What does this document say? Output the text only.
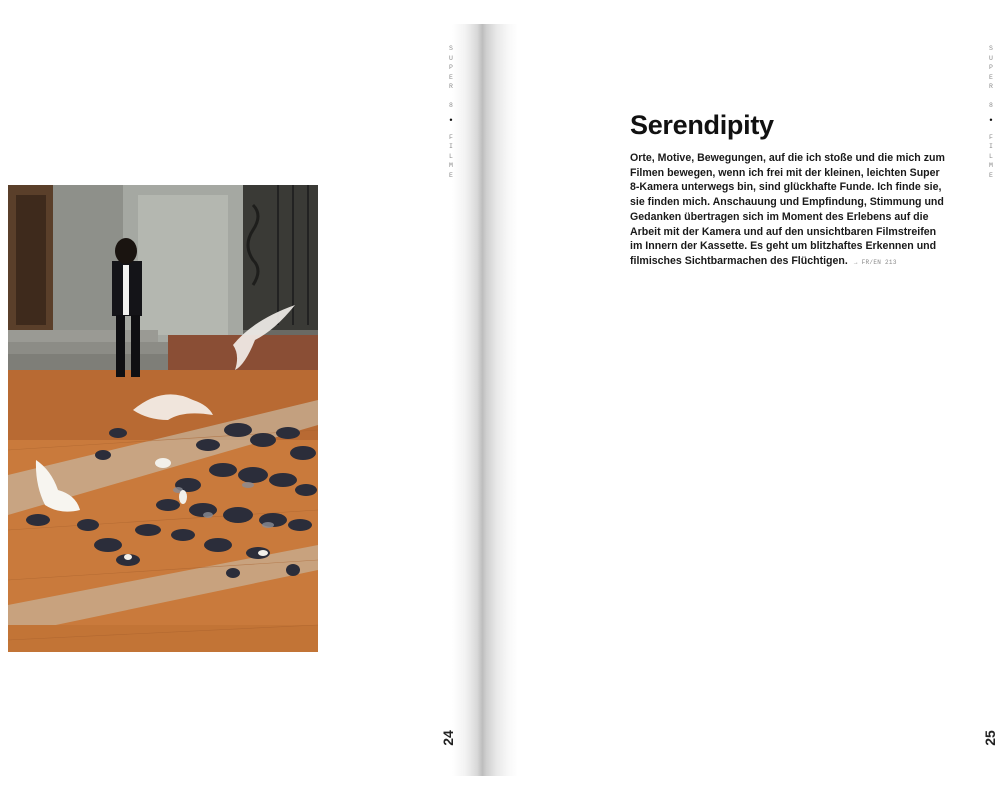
S
U
P
E
R

8
•
F
I
L
M
E
S
U
P
E
R

8
•
F
I
L
M
E
24	25
Serendipity

Orte, Motive, Bewegungen, auf die ich stoße und die mich zum Filmen bewegen, wenn ich frei mit der kleinen, leichten Super 8-Kamera unterwegs bin, sind glückhafte Funde. Ich finde sie, sie finden mich. Anschauung und Empfindung, Stimmung und Gedanken übertragen sich im Moment des Erlebens auf die Arbeit mit der Kamera und auf den unsichtbaren Filmstreifen im Innern der Kassette. Es geht um blitzhaftes Erkennen und filmisches Sichtbarmachen des Flüchtigen. → FR/EN 213
